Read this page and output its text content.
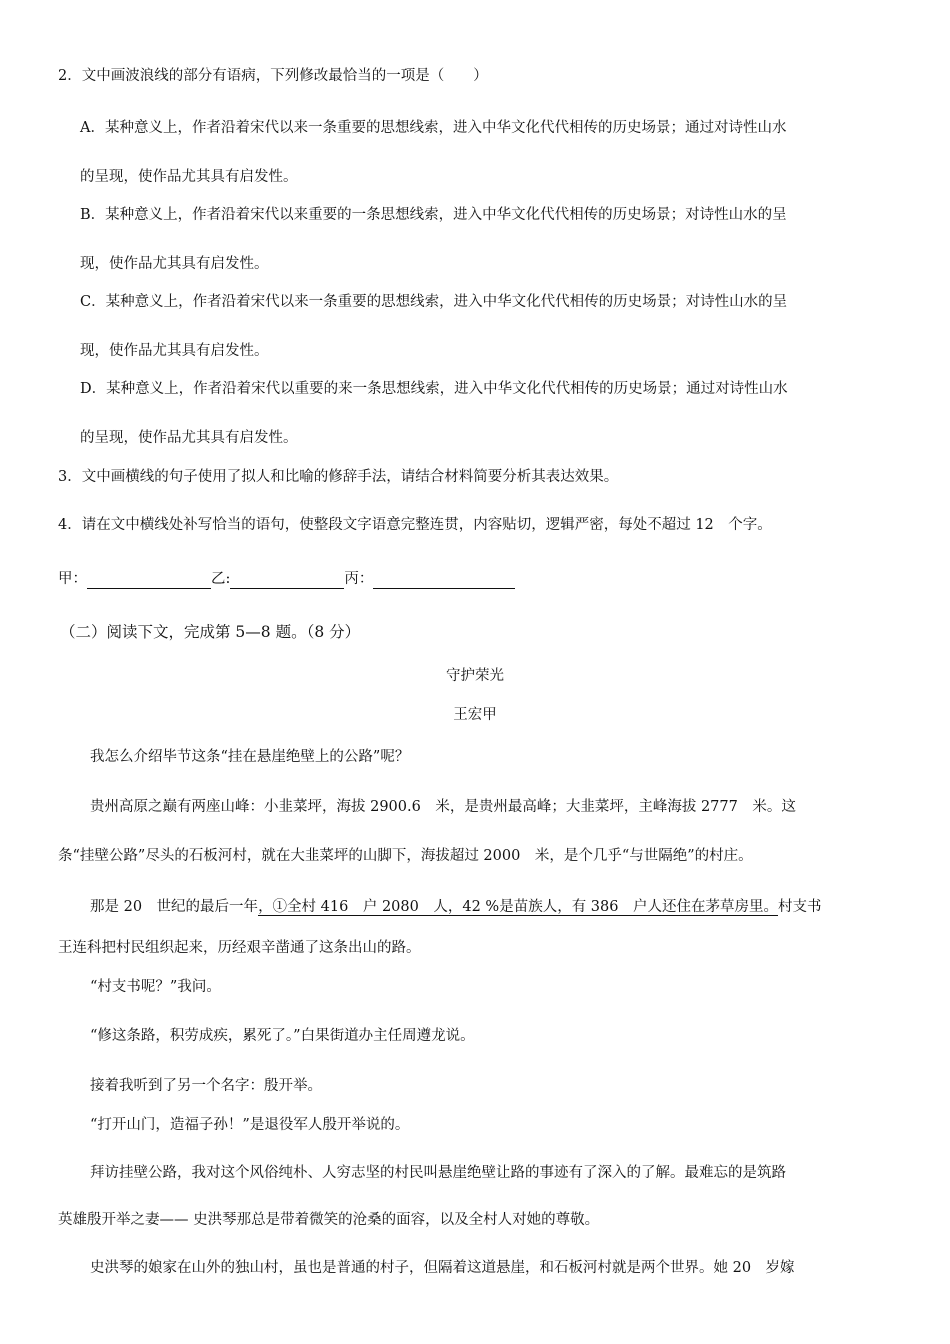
2．文中画波浪线的部分有语病，下列修改最恰当的一项是（　　）
A．某种意义上，作者沿着宋代以来一条重要的思想线索，进入中华文化代代相传的历史场景；通过对诗性山水
的呈现，使作品尤其具有启发性。
B．某种意义上，作者沿着宋代以来重要的一条思想线索，进入中华文化代代相传的历史场景；对诗性山水的呈
现，使作品尤其具有启发性。
C．某种意义上，作者沿着宋代以来一条重要的思想线索，进入中华文化代代相传的历史场景；对诗性山水的呈
现，使作品尤其具有启发性。
D．某种意义上，作者沿着宋代以重要的来一条思想线索，进入中华文化代代相传的历史场景；通过对诗性山水
的呈现，使作品尤其具有启发性。
3．文中画横线的句子使用了拟人和比喻的修辞手法，请结合材料简要分析其表达效果。
4．请在文中横线处补写恰当的语句，使整段文字语意完整连贯，内容贴切，逻辑严密，每处不超过 12　个字。
甲：	乙:	丙：
（二）阅读下文，完成第 5—8 题。（8 分）
守护荣光
王宏甲
我怎么介绍毕节这条“挂在悬崖绝壁上的公路”呢？
贵州高原之巅有两座山峰：小韭菜坪，海拔 2900.6　米，是贵州最高峰；大韭菜坪，主峰海拔 2777　米。这
条“挂壁公路”尽头的石板河村，就在大韭菜坪的山脚下，海拔超过 2000　米，是个几乎“与世隔绝”的村庄。
那是 20　世纪的最后一年，①全村 416　户 2080　人，42 %是苗族人，有 386　户人还住在茅草房里。村支书
王连科把村民组织起来，历经艰辛凿通了这条出山的路。
“村支书呢？”我问。
“修这条路，积劳成疾，累死了。”白果街道办主任周遵龙说。
接着我听到了另一个名字：殷开举。
“打开山门，造福子孙！”是退役军人殷开举说的。
拜访挂壁公路，我对这个风俗纯朴、人穷志坚的村民叫悬崖绝壁让路的事迹有了深入的了解。最难忘的是筑路
英雄殷开举之妻—— 史洪琴那总是带着微笑的沧桑的面容，以及全村人对她的尊敬。
史洪琴的娘家在山外的独山村，虽也是普通的村子，但隔着这道悬崖，和石板河村就是两个世界。她 20　岁嫁
